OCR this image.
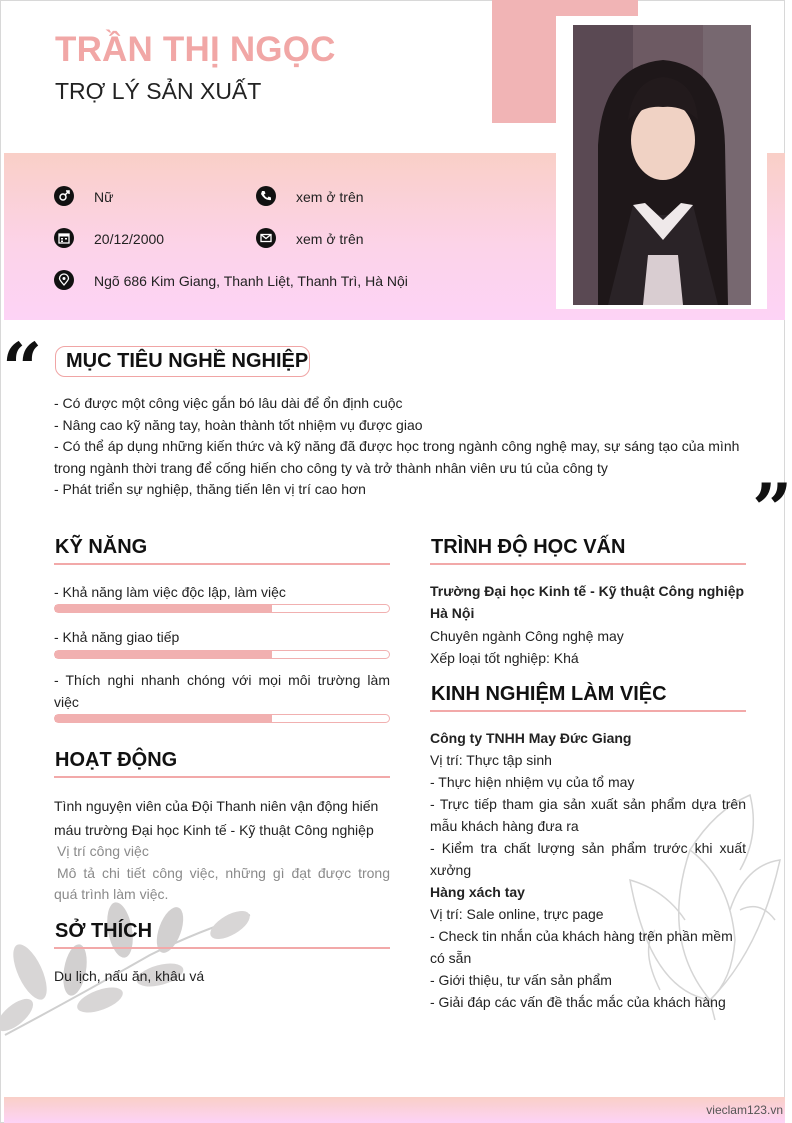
TRẦN THỊ NGỌC
TRỢ LÝ SẢN XUẤT
Nữ	xem ở trên
20/12/2000	xem ở trên
Ngõ 686 Kim Giang, Thanh Liệt, Thanh Trì, Hà Nội
“
”
MỤC TIÊU NGHỀ NGHIỆP
- Có được một công việc gắn bó lâu dài để ổn định cuộc
- Nâng cao kỹ năng tay, hoàn thành tốt nhiệm vụ được giao
- Có thể áp dụng những kiến thức và kỹ năng đã được học trong ngành công nghệ may, sự sáng tạo của mình
trong ngành thời trang để cống hiến cho công ty và trở thành nhân viên ưu tú của công ty
- Phát triển sự nghiệp, thăng tiến lên vị trí cao hơn
KỸ NĂNG
- Khả năng làm việc độc lập, làm việc
- Khả năng giao tiếp
- Thích nghi nhanh chóng với mọi môi trường làm
việc
HOẠT ĐỘNG
Tình nguyện viên của Đội Thanh niên vận động hiến
máu trường Đại học Kinh tế - Kỹ thuật Công nghiệp
Vị trí công việc
Mô tả chi tiết công việc, những gì đạt được trong
quá trình làm việc.
SỞ THÍCH
Du lịch, nấu ăn, khâu vá
TRÌNH ĐỘ HỌC VẤN
Trường Đại học Kinh tế - Kỹ thuật Công nghiệp
Hà Nội
Chuyên ngành Công nghệ may
Xếp loại tốt nghiệp: Khá
KINH NGHIỆM LÀM VIỆC
Công ty TNHH May Đức Giang
Vị trí: Thực tập sinh
- Thực hiện nhiệm vụ của tổ may
- Trực tiếp tham gia sản xuất sản phẩm dựa trên
mẫu khách hàng đưa ra
- Kiểm tra chất lượng sản phẩm trước khi xuất
xưởng
Hàng xách tay
Vị trí: Sale online, trực page
- Check tin nhắn của khách hàng trên phần mềm
có sẵn
- Giới thiệu, tư vấn sản phẩm
- Giải đáp các vấn đề thắc mắc của khách hàng
vieclam123.vn
